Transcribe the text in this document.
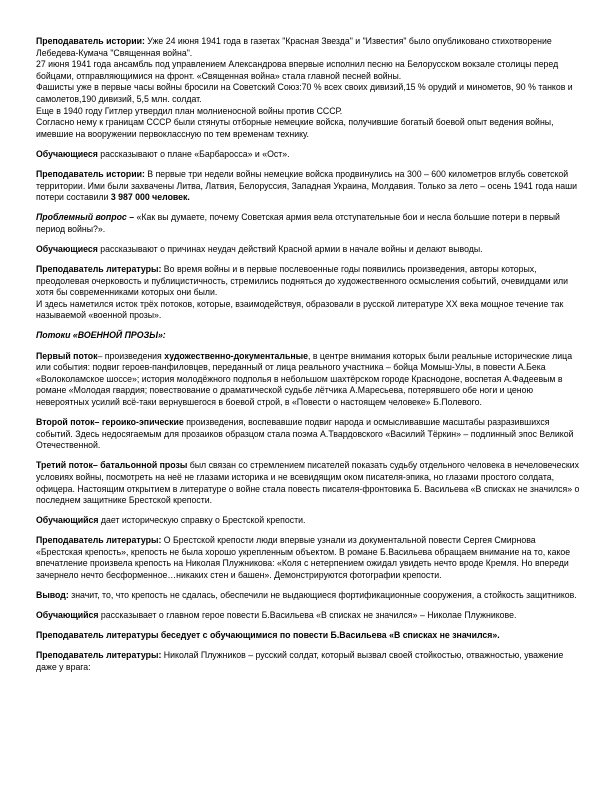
Преподаватель истории: Уже 24 июня 1941 года в газетах "Красная Звезда" и "Известия" было опубликовано стихотворение Лебедева-Кумача "Священная война".

27 июня 1941 года ансамбль под управлением Александрова впервые исполнил песню на Белорусском вокзале столицы перед бойцами, отправляющимися на фронт. «Священная война» стала главной песней войны.

Фашисты уже в первые часы войны бросили на Советский Союз:70 % всех своих дивизий,15 % орудий и минометов, 90 % танков и самолетов,190 дивизий, 5,5 млн. солдат.

Еще в 1940 году Гитлер утвердил план молниеносной войны против СССР.

Согласно нему к границам СССР были стянуты отборные немецкие войска, получившие богатый боевой опыт ведения войны, имевшие на вооружении первоклассную по тем временам технику.

Обучающиеся рассказывают о плане «Барбаросса» и «Ост».

Преподаватель истории: В первые три недели войны немецкие войска продвинулись на 300 – 600 километров вглубь советской территории. Ими были захвачены Литва, Латвия, Белоруссия, Западная Украина, Молдавия. Только за лето – осень 1941 года наши потери составили 3 987 000 человек.

Проблемный вопрос – «Как вы думаете, почему Советская армия вела отступательные бои и несла большие потери в первый период войны?».

Обучающиеся рассказывают о причинах неудач действий Красной армии в начале войны и делают выводы.

Преподаватель литературы: Во время войны и в первые послевоенные годы появились произведения, авторы которых, преодолевая очерковость и публицистичность, стремились подняться до художественного осмысления событий, очевидцами или хотя бы современниками которых они были.

И здесь наметился исток трёх потоков, которые, взаимодействуя, образовали в русской литературе XX века мощное течение так называемой «военной прозы».

Потоки «ВОЕННОЙ ПРОЗЫ»:

Первый поток– произведения художественно-документальные, в центре внимания которых были реальные исторические лица или события: подвиг героев-панфиловцев, переданный от лица реального участника – бойца Момыш-Улы, в повести А.Бека «Волоколамское шоссе»; история молодёжного подполья в небольшом шахтёрском городе Краснодоне, воспетая А.Фадеевым в романе «Молодая гвардия; повествование о драматической судьбе лётчика А.Маресьева, потерявшего обе ноги и ценою невероятных усилий всё-таки вернувшегося в боевой строй, в «Повести о настоящем человеке» Б.Полевого.

Второй поток– героико-эпические произведения, воспевавшие подвиг народа и осмысливавшие масштабы разразившихся событий. Здесь недосягаемым для прозаиков образцом стала поэма А.Твардовского «Василий Тёркин» – подлинный эпос Великой Отечественной.

Третий поток– батальонной прозы был связан со стремлением писателей показать судьбу отдельного человека в нечеловеческих условиях войны, посмотреть на неё не глазами историка и не всевидящим оком писателя-эпика, но глазами простого солдата, офицера. Настоящим открытием в литературе о войне стала повесть писателя-фронтовика Б. Васильева «В списках не значился» о последнем защитнике Брестской крепости.

Обучающийся дает историческую справку о Брестской крепости.

Преподаватель литературы: О Брестской крепости люди впервые узнали из документальной повести Сергея Смирнова «Брестская крепость», крепость не была хорошо укрепленным объектом. В романе Б.Васильева обращаем внимание на то, какое впечатление произвела крепость на Николая Плужникова: «Коля с нетерпением ожидал увидеть нечто вроде Кремля. Но впереди зачернело нечто бесформенное…никаких стен и башен». Демонстрируются фотографии крепости.

Вывод: значит, то, что крепость не сдалась, обеспечили не выдающиеся фортификационные сооружения, а стойкость защитников.

Обучающийся рассказывает о главном герое повести Б.Васильева «В списках не значился» – Николае Плужникове.

Преподаватель литературы беседует с обучающимися по повести Б.Васильева «В списках не значился».

Преподаватель литературы: Николай Плужников – русский солдат, который вызвал своей стойкостью, отважностью, уважение даже у врага:
